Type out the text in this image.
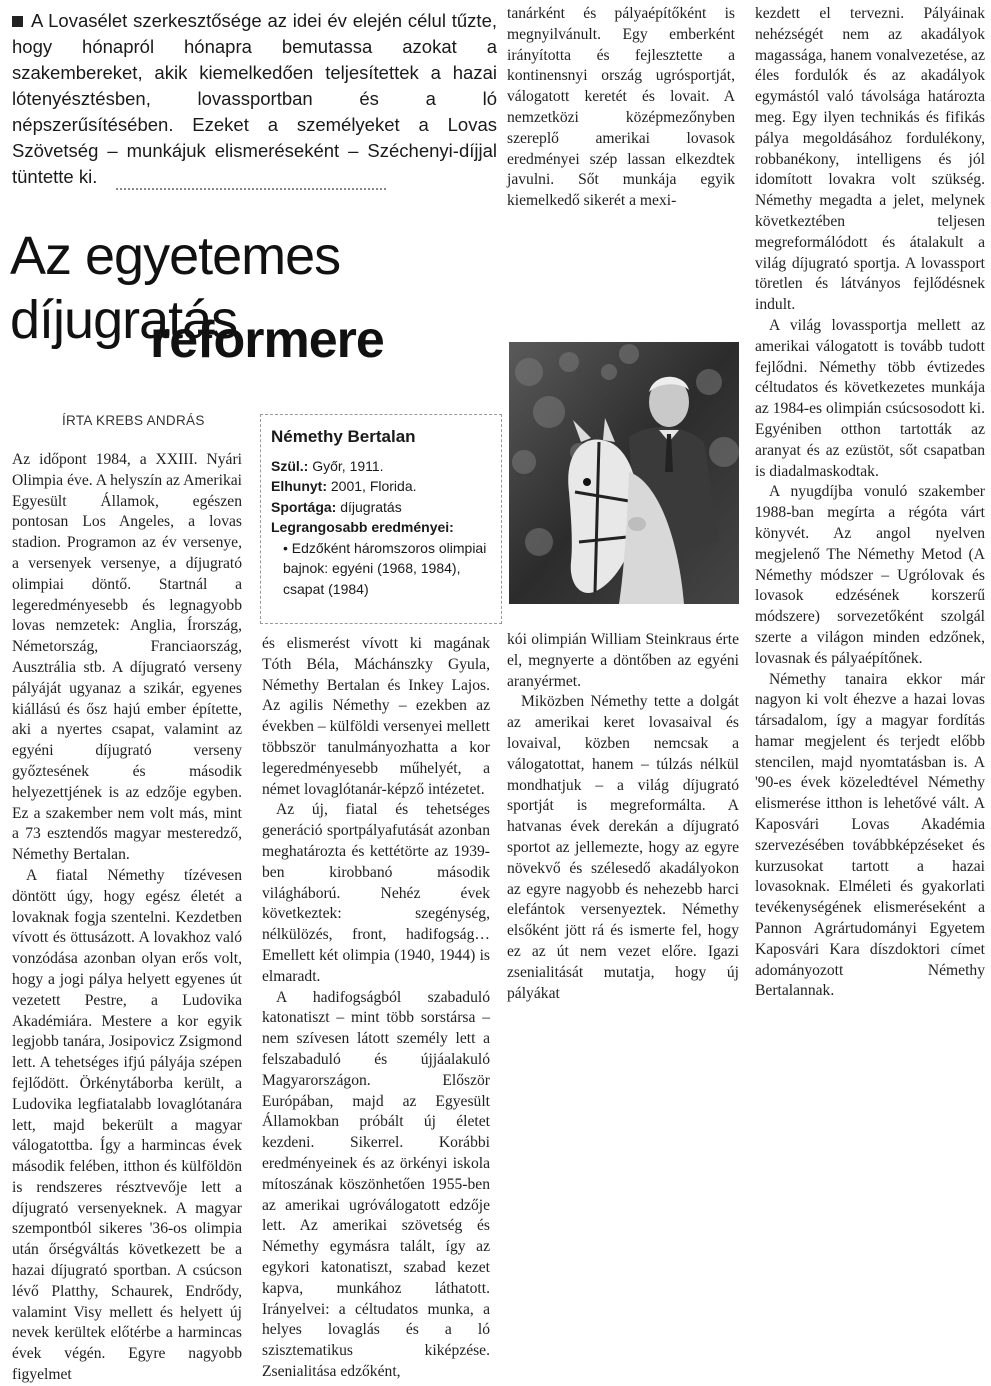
A Lovasélet szerkesztősége az idei év elején célul tűzte, hogy hónapról hónapra bemutassa azokat a szakembereket, akik kiemelkedően teljesítettek a hazai lótenyésztésben, lovassportban és a ló népszerűsítésében. Ezeket a személyeket a Lovas Szövetség – munkájuk elismeréseként – Széchenyi-díjjal tüntette ki.
Az egyetemes díjugratás
reformere
ÍRTA KREBS ANDRÁS

Az időpont 1984, a XXIII. Nyári Olimpia éve. A helyszín az Amerikai Egyesült Államok, egészen pontosan Los Angeles, a lovas stadion. Programon az év versenye, a versenyek versenye, a díjugrató olimpiai döntő. Startnál a legeredményesebb és legnagyobb lovas nemzetek: Anglia, Írország, Németország, Franciaország, Ausztrália stb. A díjugrató verseny pályáját ugyanaz a szikár, egyenes kiállású és ősz hajú ember építette, aki a nyertes csapat, valamint az egyéni díjugrató verseny győztesének és második helyezettjének is az edzője egyben. Ez a szakember nem volt más, mint a 73 esztendős magyar mesteredző, Némethy Bertalan.

A fiatal Némethy tízévesen döntött úgy, hogy egész életét a lovaknak fogja szentelni. Kezdetben vívott és öttusázott. A lovakhoz való vonzódása azonban olyan erős volt, hogy a jogi pálya helyett egyenes út vezetett Pestre, a Ludovika Akadémiára. Mestere a kor egyik legjobb tanára, Josipovicz Zsigmond lett. A tehetséges ifjú pályája szépen fejlődött. Örkénytáborba került, a Ludovika legfiatalabb lovaglótanára lett, majd bekerült a magyar válogatottba. Így a harmincas évek második felében, itthon és külföldön is rendszeres résztvevője lett a díjugrató versenyeknek. A magyar szempontból sikeres '36-os olimpia után őrségváltás következett be a hazai díjugrató sportban. A csúcson lévő Platthy, Schaurek, Endrődy, valamint Visy mellett és helyett új nevek kerültek előtérbe a harmincas évek végén. Egyre nagyobb figyelmet

Némethy Bertalan
Szül.: Győr, 1911.
Elhunyt: 2001, Florida.
Sportága: díjugratás
Legrangosabb eredményei:
• Edzőként háromszoros olimpiai bajnok: egyéni (1968, 1984), csapat (1984)

és elismerést vívott ki magának Tóth Béla, Máchánszky Gyula, Némethy Bertalan és Inkey Lajos. Az agilis Némethy – ezekben az években – külföldi versenyei mellett többször tanulmányozhatta a kor legeredményesebb műhelyét, a német lovaglótanár-képző intézetet.

Az új, fiatal és tehetséges generáció sportpályafutását azonban meghatározta és kettétörte az 1939-ben kirobbanó második világháború. Nehéz évek következtek: szegénység, nélkülözés, front, hadifogság… Emellett két olimpia (1940, 1944) is elmaradt.

A hadifogságból szabaduló katonatiszt – mint több sorstársa – nem szívesen látott személy lett a felszabaduló és újjáalakuló Magyarországon. Először Európában, majd az Egyesült Államokban próbált új életet kezdeni. Sikerrel. Korábbi eredményeinek és az örkényi iskola mítoszának köszönhetően 1955-ben az amerikai ugróválogatott edzője lett. Az amerikai szövetség és Némethy egymásra talált, így az egykori katonatiszt, szabad kezet kapva, munkához láthatott. Irányelvei: a céltudatos munka, a helyes lovaglás és a ló szisztematikus kiképzése. Zsenialitása edzőként,

tanárként és pályaépítőként is megnyilvánult. Egy emberként irányította és fejlesztette a kontinensnyi ország ugrósportját, válogatott keretét és lovait. A nemzetközi középmezőnyben szereplő amerikai lovasok eredményei szép lassan elkezdtek javulni. Sőt munkája egyik kiemelkedő sikerét a mexi-

kói olimpián William Steinkraus érte el, megnyerte a döntőben az egyéni aranyérmet.

Miközben Némethy tette a dolgát az amerikai keret lovasaival és lovaival, közben nemcsak a válogatottat, hanem – túlzás nélkül mondhatjuk – a világ díjugrató sportját is megreformálta. A hatvanas évek derekán a díjugrató sportot az jellemezte, hogy az egyre növekvő és szélesedő akadályokon az egyre nagyobb és nehezebb harci elefántok versenyeztek. Némethy elsőként jött rá és ismerte fel, hogy ez az út nem vezet előre. Igazi zsenialitását mutatja, hogy új pályákat

kezdett el tervezni. Pályáinak nehézségét nem az akadályok magassága, hanem vonalvezetése, az éles fordulók és az akadályok egymástól való távolsága határozta meg. Egy ilyen technikás és fifikás pálya megoldásához fordulékony, robbanékony, intelligens és jól idomított lovakra volt szükség. Némethy megadta a jelet, melynek következtében teljesen megreformálódott és átalakult a világ díjugrató sportja. A lovassport töretlen és látványos fejlődésnek indult.

A világ lovassportja mellett az amerikai válogatott is tovább tudott fejlődni. Némethy több évtizedes céltudatos és következetes munkája az 1984-es olimpián csúcsosodott ki. Egyéniben otthon tartották az aranyat és az ezüstöt, sőt csapatban is diadalmaskodtak.

A nyugdíjba vonuló szakember 1988-ban megírta a régóta várt könyvét. Az angol nyelven megjelenő The Némethy Metod (A Némethy módszer – Ugrólovak és lovasok edzésének korszerű módszere) sorvezetőként szolgál szerte a világon minden edzőnek, lovasnak és pályaépítőnek.

Némethy tanaira ekkor már nagyon ki volt éhezve a hazai lovas társadalom, így a magyar fordítás hamar megjelent és terjedt előbb stencilen, majd nyomtatásban is. A '90-es évek közeledtével Némethy elismerése itthon is lehetővé vált. A Kaposvári Lovas Akadémia szervezésében továbbképzéseket és kurzusokat tartott a hazai lovasoknak. Elméleti és gyakorlati tevékenységének elismeréseként a Pannon Agrártudományi Egyetem Kaposvári Kara díszdoktori címet adományozott Némethy Bertalannak.
